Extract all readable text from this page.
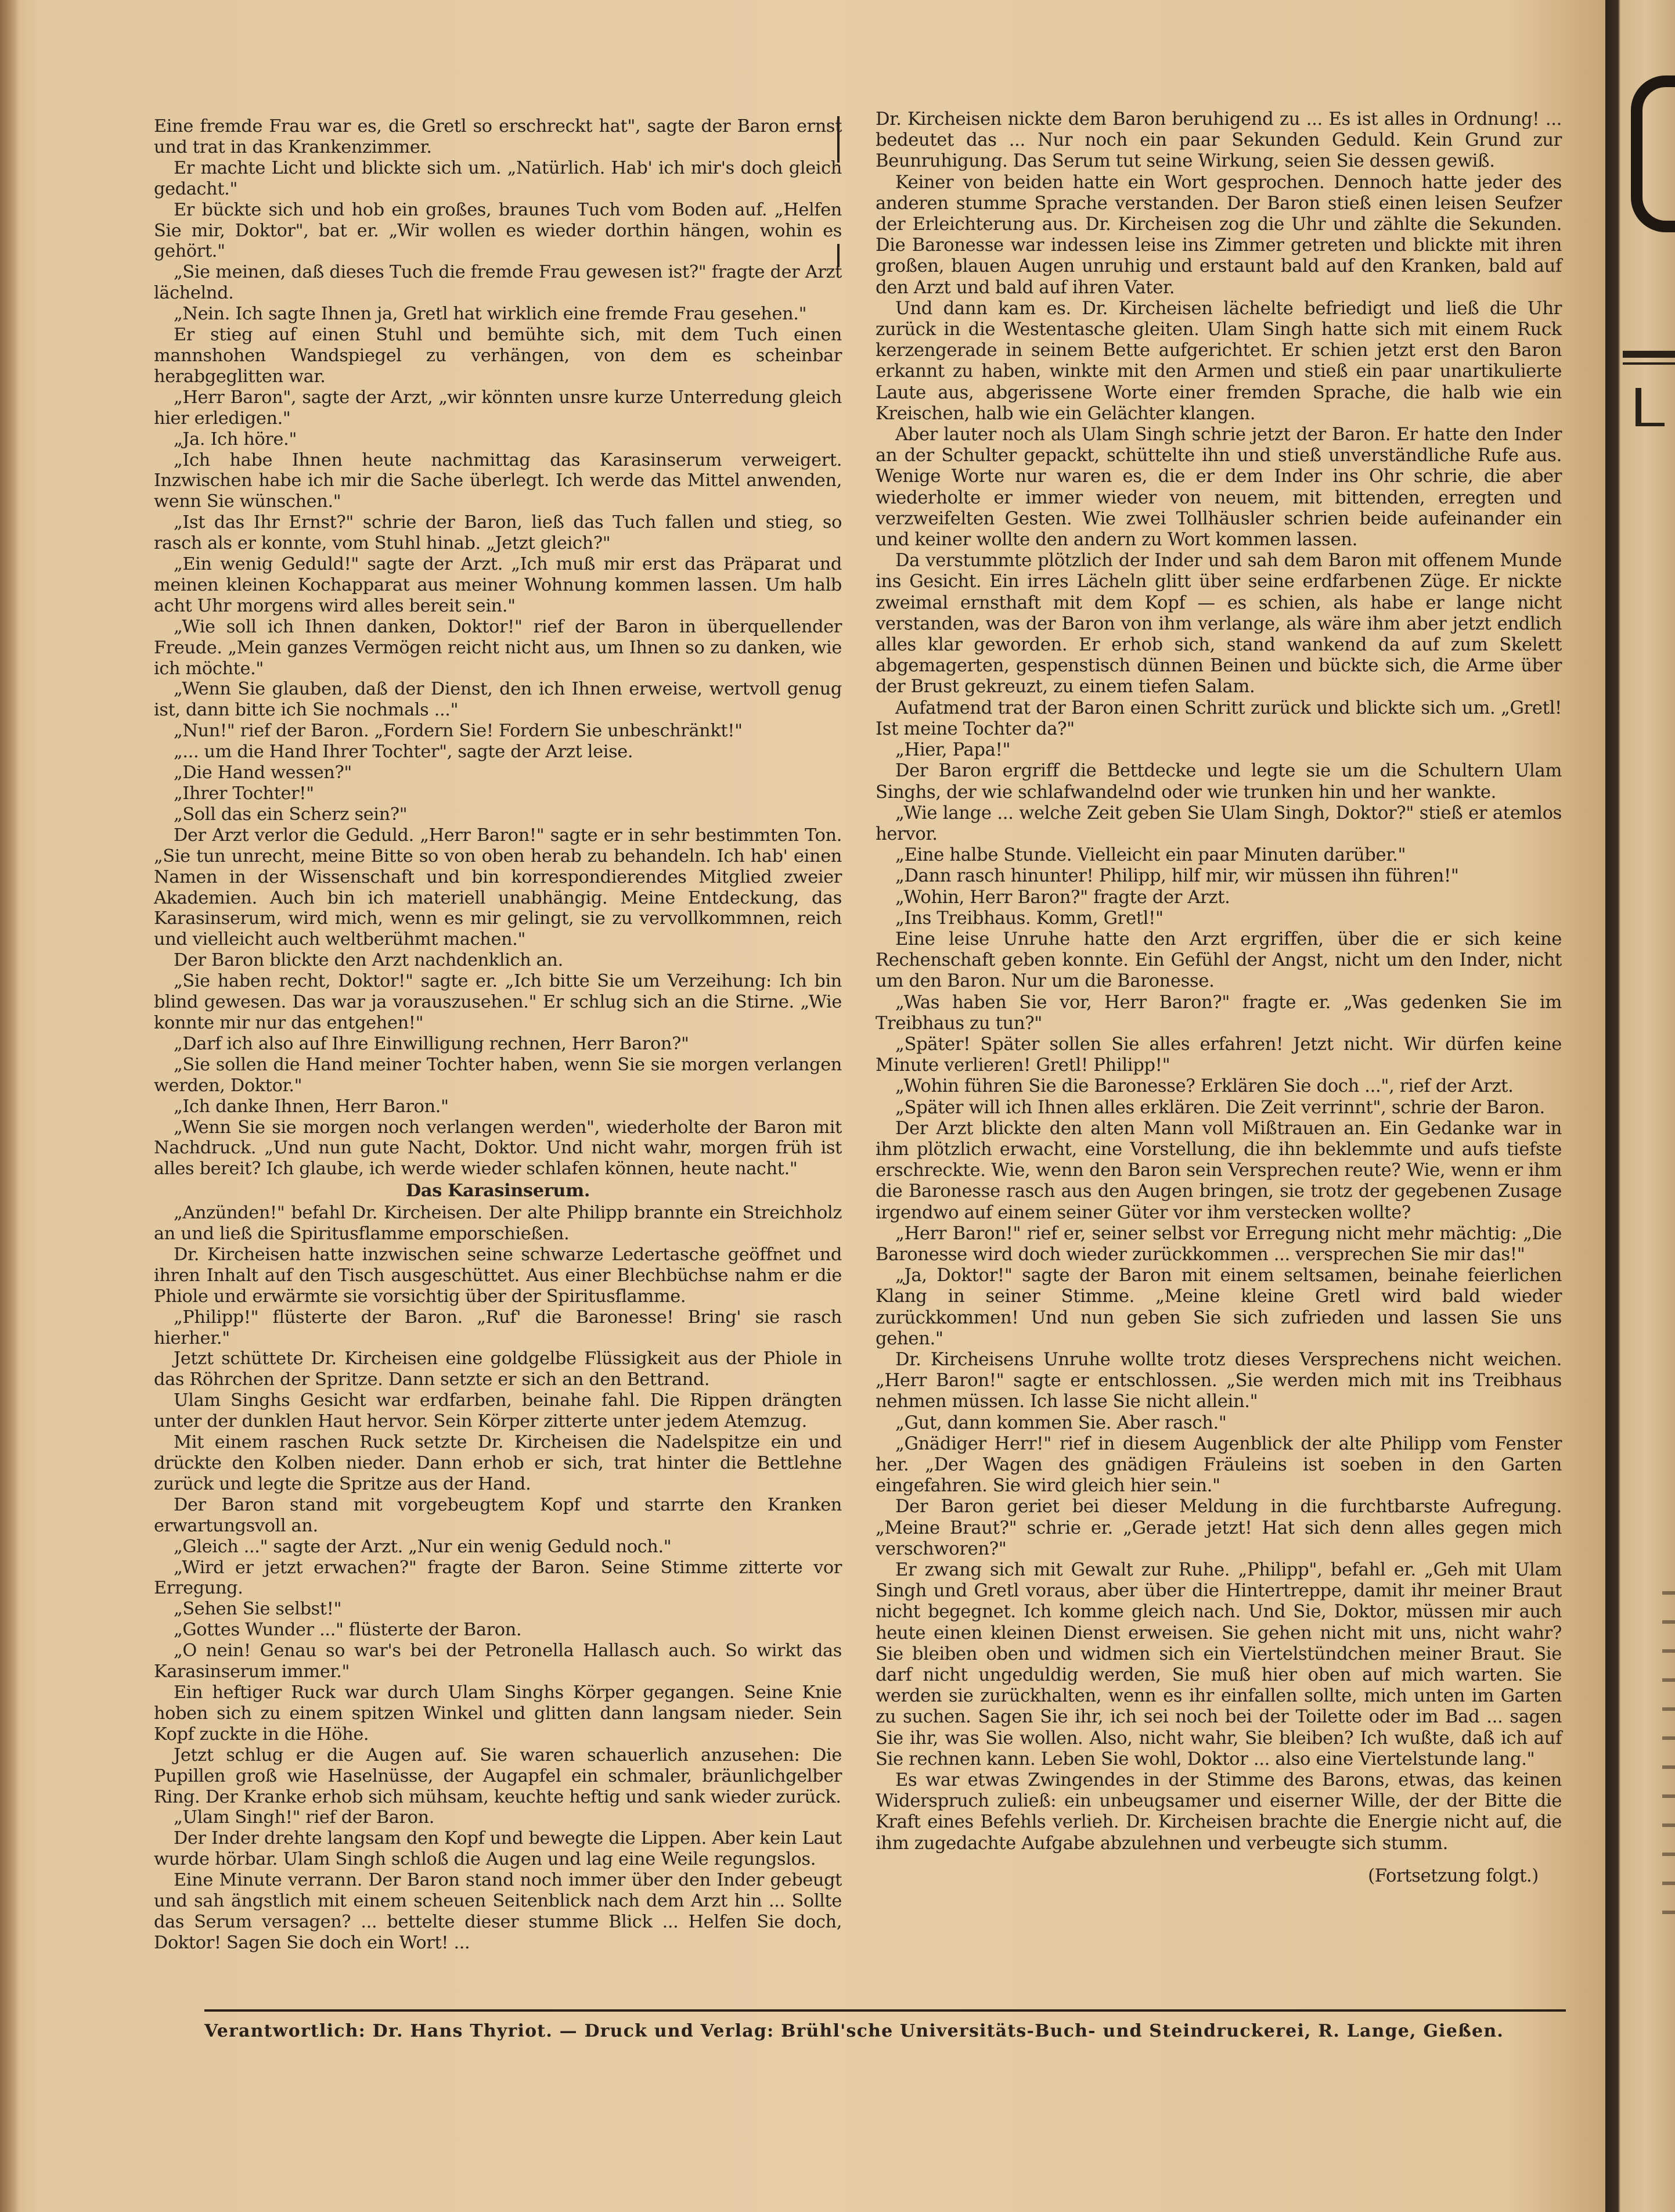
Eine fremde Frau war es, die Gretl so erschreckt hat", sagte der Baron ernst und trat in das Krankenzimmer.

Er machte Licht und blickte sich um. „Natürlich. Hab' ich mir's doch gleich gedacht."

Er bückte sich und hob ein großes, braunes Tuch vom Boden auf. „Helfen Sie mir, Doktor", bat er. „Wir wollen es wieder dorthin hängen, wohin es gehört."

„Sie meinen, daß dieses Tuch die fremde Frau gewesen ist?" fragte der Arzt lächelnd.

„Nein. Ich sagte Ihnen ja, Gretl hat wirklich eine fremde Frau gesehen."

Er stieg auf einen Stuhl und bemühte sich, mit dem Tuch einen mannshohen Wandspiegel zu verhängen, von dem es scheinbar herabgeglitten war.

„Herr Baron", sagte der Arzt, „wir könnten unsre kurze Unterredung gleich hier erledigen."

„Ja. Ich höre."

„Ich habe Ihnen heute nachmittag das Karasinserum verweigert. Inzwischen habe ich mir die Sache überlegt. Ich werde das Mittel anwenden, wenn Sie wünschen."

„Ist das Ihr Ernst?" schrie der Baron, ließ das Tuch fallen und stieg, so rasch als er konnte, vom Stuhl hinab. „Jetzt gleich?"

„Ein wenig Geduld!" sagte der Arzt. „Ich muß mir erst das Präparat und meinen kleinen Kochapparat aus meiner Wohnung kommen lassen. Um halb acht Uhr morgens wird alles bereit sein."

„Wie soll ich Ihnen danken, Doktor!" rief der Baron in überquellender Freude. „Mein ganzes Vermögen reicht nicht aus, um Ihnen so zu danken, wie ich möchte."

„Wenn Sie glauben, daß der Dienst, den ich Ihnen erweise, wertvoll genug ist, dann bitte ich Sie nochmals ..."

„Nun!" rief der Baron. „Fordern Sie! Fordern Sie unbeschränkt!"

„... um die Hand Ihrer Tochter", sagte der Arzt leise.

„Die Hand wessen?"

„Ihrer Tochter!"

„Soll das ein Scherz sein?"

Der Arzt verlor die Geduld. „Herr Baron!" sagte er in sehr bestimmten Ton. „Sie tun unrecht, meine Bitte so von oben herab zu behandeln. Ich hab' einen Namen in der Wissenschaft und bin korrespondierendes Mitglied zweier Akademien. Auch bin ich materiell unabhängig. Meine Entdeckung, das Karasinserum, wird mich, wenn es mir gelingt, sie zu vervollkommnen, reich und vielleicht auch weltberühmt machen."

Der Baron blickte den Arzt nachdenklich an.

„Sie haben recht, Doktor!" sagte er. „Ich bitte Sie um Verzeihung: Ich bin blind gewesen. Das war ja vorauszusehen." Er schlug sich an die Stirne. „Wie konnte mir nur das entgehen!"

„Darf ich also auf Ihre Einwilligung rechnen, Herr Baron?"

„Sie sollen die Hand meiner Tochter haben, wenn Sie sie morgen verlangen werden, Doktor."

„Ich danke Ihnen, Herr Baron."

„Wenn Sie sie morgen noch verlangen werden", wiederholte der Baron mit Nachdruck. „Und nun gute Nacht, Doktor. Und nicht wahr, morgen früh ist alles bereit? Ich glaube, ich werde wieder schlafen können, heute nacht."

Das Karasinserum.

„Anzünden!" befahl Dr. Kircheisen. Der alte Philipp brannte ein Streichholz an und ließ die Spiritusflamme emporschießen.

Dr. Kircheisen hatte inzwischen seine schwarze Ledertasche geöffnet und ihren Inhalt auf den Tisch ausgeschüttet. Aus einer Blechbüchse nahm er die Phiole und erwärmte sie vorsichtig über der Spiritusflamme.

„Philipp!" flüsterte der Baron. „Ruf' die Baronesse! Bring' sie rasch hierher."

Jetzt schüttete Dr. Kircheisen eine goldgelbe Flüssigkeit aus der Phiole in das Röhrchen der Spritze. Dann setzte er sich an den Bettrand.

Ulam Singhs Gesicht war erdfarben, beinahe fahl. Die Rippen drängten unter der dunklen Haut hervor. Sein Körper zitterte unter jedem Atemzug.

Mit einem raschen Ruck setzte Dr. Kircheisen die Nadelspitze ein und drückte den Kolben nieder. Dann erhob er sich, trat hinter die Bettlehne zurück und legte die Spritze aus der Hand.

Der Baron stand mit vorgebeugtem Kopf und starrte den Kranken erwartungsvoll an.

„Gleich ..." sagte der Arzt. „Nur ein wenig Geduld noch."

„Wird er jetzt erwachen?" fragte der Baron. Seine Stimme zitterte vor Erregung.

„Sehen Sie selbst!"

„Gottes Wunder ..." flüsterte der Baron.

„O nein! Genau so war's bei der Petronella Hallasch auch. So wirkt das Karasinserum immer."

Ein heftiger Ruck war durch Ulam Singhs Körper gegangen. Seine Knie hoben sich zu einem spitzen Winkel und glitten dann langsam nieder. Sein Kopf zuckte in die Höhe.

Jetzt schlug er die Augen auf. Sie waren schauerlich anzusehen: Die Pupillen groß wie Haselnüsse, der Augapfel ein schmaler, bräunlichgelber Ring. Der Kranke erhob sich mühsam, keuchte heftig und sank wieder zurück.

„Ulam Singh!" rief der Baron.

Der Inder drehte langsam den Kopf und bewegte die Lippen. Aber kein Laut wurde hörbar. Ulam Singh schloß die Augen und lag eine Weile regungslos.

Eine Minute verrann. Der Baron stand noch immer über den Inder gebeugt und sah ängstlich mit einem scheuen Seitenblick nach dem Arzt hin ... Sollte das Serum versagen? ... bettelte dieser stumme Blick ... Helfen Sie doch, Doktor! Sagen Sie doch ein Wort! ...

Dr. Kircheisen nickte dem Baron beruhigend zu ... Es ist alles in Ordnung! ... bedeutet das ... Nur noch ein paar Sekunden Geduld. Kein Grund zur Beunruhigung. Das Serum tut seine Wirkung, seien Sie dessen gewiß.

Keiner von beiden hatte ein Wort gesprochen. Dennoch hatte jeder des anderen stumme Sprache verstanden. Der Baron stieß einen leisen Seufzer der Erleichterung aus. Dr. Kircheisen zog die Uhr und zählte die Sekunden. Die Baronesse war indessen leise ins Zimmer getreten und blickte mit ihren großen, blauen Augen unruhig und erstaunt bald auf den Kranken, bald auf den Arzt und bald auf ihren Vater.

Und dann kam es. Dr. Kircheisen lächelte befriedigt und ließ die Uhr zurück in die Westentasche gleiten. Ulam Singh hatte sich mit einem Ruck kerzengerade in seinem Bette aufgerichtet. Er schien jetzt erst den Baron erkannt zu haben, winkte mit den Armen und stieß ein paar unartikulierte Laute aus, abgerissene Worte einer fremden Sprache, die halb wie ein Kreischen, halb wie ein Gelächter klangen.

Aber lauter noch als Ulam Singh schrie jetzt der Baron. Er hatte den Inder an der Schulter gepackt, schüttelte ihn und stieß unverständliche Rufe aus. Wenige Worte nur waren es, die er dem Inder ins Ohr schrie, die aber wiederholte er immer wieder von neuem, mit bittenden, erregten und verzweifelten Gesten. Wie zwei Tollhäusler schrien beide aufeinander ein und keiner wollte den andern zu Wort kommen lassen.

Da verstummte plötzlich der Inder und sah dem Baron mit offenem Munde ins Gesicht. Ein irres Lächeln glitt über seine erdfarbenen Züge. Er nickte zweimal ernsthaft mit dem Kopf — es schien, als habe er lange nicht verstanden, was der Baron von ihm verlange, als wäre ihm aber jetzt endlich alles klar geworden. Er erhob sich, stand wankend da auf zum Skelett abgemagerten, gespenstisch dünnen Beinen und bückte sich, die Arme über der Brust gekreuzt, zu einem tiefen Salam.

Aufatmend trat der Baron einen Schritt zurück und blickte sich um. „Gretl! Ist meine Tochter da?"

„Hier, Papa!"

Der Baron ergriff die Bettdecke und legte sie um die Schultern Ulam Singhs, der wie schlafwandelnd oder wie trunken hin und her wankte.

„Wie lange ... welche Zeit geben Sie Ulam Singh, Doktor?" stieß er atemlos hervor.

„Eine halbe Stunde. Vielleicht ein paar Minuten darüber."

„Dann rasch hinunter! Philipp, hilf mir, wir müssen ihn führen!"

„Wohin, Herr Baron?" fragte der Arzt.

„Ins Treibhaus. Komm, Gretl!"

Eine leise Unruhe hatte den Arzt ergriffen, über die er sich keine Rechenschaft geben konnte. Ein Gefühl der Angst, nicht um den Inder, nicht um den Baron. Nur um die Baronesse.

„Was haben Sie vor, Herr Baron?" fragte er. „Was gedenken Sie im Treibhaus zu tun?"

„Später! Später sollen Sie alles erfahren! Jetzt nicht. Wir dürfen keine Minute verlieren! Gretl! Philipp!"

„Wohin führen Sie die Baronesse? Erklären Sie doch ...", rief der Arzt.

„Später will ich Ihnen alles erklären. Die Zeit verrinnt", schrie der Baron.

Der Arzt blickte den alten Mann voll Mißtrauen an. Ein Gedanke war in ihm plötzlich erwacht, eine Vorstellung, die ihn beklemmte und aufs tiefste erschreckte. Wie, wenn den Baron sein Versprechen reute? Wie, wenn er ihm die Baronesse rasch aus den Augen bringen, sie trotz der gegebenen Zusage irgendwo auf einem seiner Güter vor ihm verstecken wollte?

„Herr Baron!" rief er, seiner selbst vor Erregung nicht mehr mächtig: „Die Baronesse wird doch wieder zurückkommen ... versprechen Sie mir das!"

„Ja, Doktor!" sagte der Baron mit einem seltsamen, beinahe feierlichen Klang in seiner Stimme. „Meine kleine Gretl wird bald wieder zurückkommen! Und nun geben Sie sich zufrieden und lassen Sie uns gehen."

Dr. Kircheisens Unruhe wollte trotz dieses Versprechens nicht weichen. „Herr Baron!" sagte er entschlossen. „Sie werden mich mit ins Treibhaus nehmen müssen. Ich lasse Sie nicht allein."

„Gut, dann kommen Sie. Aber rasch."

„Gnädiger Herr!" rief in diesem Augenblick der alte Philipp vom Fenster her. „Der Wagen des gnädigen Fräuleins ist soeben in den Garten eingefahren. Sie wird gleich hier sein."

Der Baron geriet bei dieser Meldung in die furchtbarste Aufregung. „Meine Braut?" schrie er. „Gerade jetzt! Hat sich denn alles gegen mich verschworen?"

Er zwang sich mit Gewalt zur Ruhe. „Philipp", befahl er. „Geh mit Ulam Singh und Gretl voraus, aber über die Hintertreppe, damit ihr meiner Braut nicht begegnet. Ich komme gleich nach. Und Sie, Doktor, müssen mir auch heute einen kleinen Dienst erweisen. Sie gehen nicht mit uns, nicht wahr? Sie bleiben oben und widmen sich ein Viertelstündchen meiner Braut. Sie darf nicht ungeduldig werden, Sie muß hier oben auf mich warten. Sie werden sie zurückhalten, wenn es ihr einfallen sollte, mich unten im Garten zu suchen. Sagen Sie ihr, ich sei noch bei der Toilette oder im Bad ... sagen Sie ihr, was Sie wollen. Also, nicht wahr, Sie bleiben? Ich wußte, daß ich auf Sie rechnen kann. Leben Sie wohl, Doktor ... also eine Viertelstunde lang."

Es war etwas Zwingendes in der Stimme des Barons, etwas, das keinen Widerspruch zuließ: ein unbeugsamer und eiserner Wille, der der Bitte die Kraft eines Befehls verlieh. Dr. Kircheisen brachte die Energie nicht auf, die ihm zugedachte Aufgabe abzulehnen und verbeugte sich stumm.

(Fortsetzung folgt.)

Verantwortlich: Dr. Hans Thyriot. — Druck und Verlag: Brühl'sche Universitäts-Buch- und Steindruckerei, R. Lange, Gießen.
